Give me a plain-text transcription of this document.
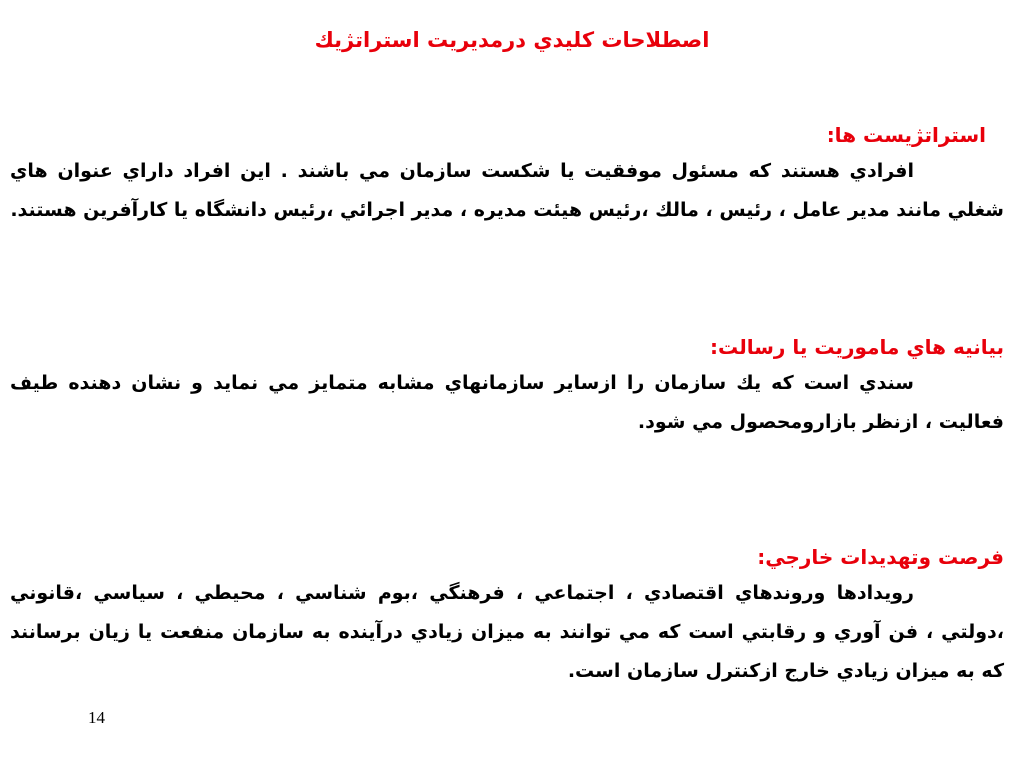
اصطلاحات كليدي درمديريت استراتژيك

استراتژيست ها:

افرادي هستند كه مسئول موفقيت يا شكست سازمان مي باشند . اين افراد داراي عنوان هاي شغلي مانند مدير عامل ، رئيس ، مالك ،رئيس هيئت مديره ، مدير اجرائي ،رئيس دانشگاه يا كارآفرين هستند.

بيانيه هاي ماموريت يا رسالت:

سندي است كه يك سازمان را ازساير سازمانهاي مشابه متمايز مي نمايد و نشان دهنده طيف فعاليت ، ازنظر بازارومحصول مي شود.

فرصت وتهديدات خارجي:

رويدادها وروندهاي اقتصادي ، اجتماعي ، فرهنگي ،بوم شناسي ، محيطي ، سياسي ،قانوني ،دولتي ، فن آوري و رقابتي است كه مي توانند به ميزان زيادي درآينده به سازمان منفعت يا زيان برسانند كه به ميزان زيادي خارج ازكنترل سازمان است.

14
